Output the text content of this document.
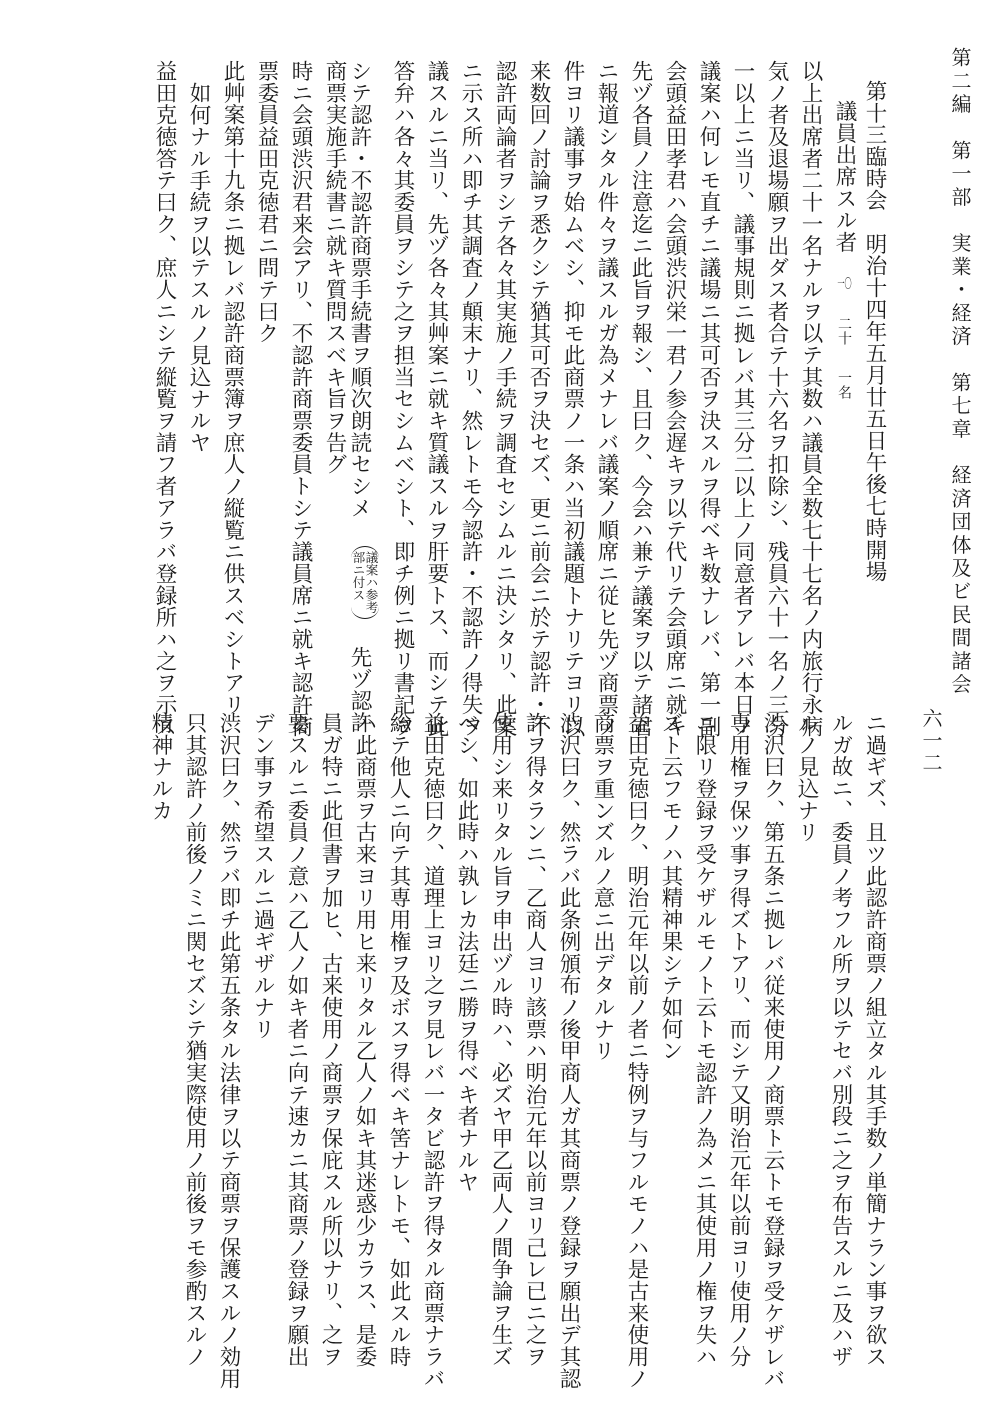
第二編　第一部　実業・経済　第七章　経済団体及ビ民間諸会
六一二
第十三臨時会　明治十四年五月廿五日午後七時開場
議員出席スル者 一〇 二十 一名
以上出席者二十一名ナルヲ以テ其数ハ議員全数七十七名ノ内旅行永病
気ノ者及退場願ヲ出ダス者合テ十六名ヲ扣除シ、残員六十一名ノ三分
一以上ニ当リ、議事規則ニ拠レバ其三分二以上ノ同意者アレバ本日ノ
議案ハ何レモ直チニ議場ニ其可否ヲ決スルヲ得ベキ数ナレバ、第一副
会頭益田孝君ハ会頭渋沢栄一君ノ参会遅キヲ以テ代リテ会頭席ニ就キ
先ヅ各員ノ注意迄ニ此旨ヲ報シ、且曰ク、今会ハ兼テ議案ヲ以テ諸君
ニ報道シタル件々ヲ議スルガ為メナレバ議案ノ順席ニ従ヒ先ヅ商票ノ
件ヨリ議事ヲ始ムベシ、抑モ此商票ノ一条ハ当初議題トナリテヨリ以
来数回ノ討論ヲ悉クシテ猶其可否ヲ決セズ、更ニ前会ニ於テ認許・不
認許両論者ヲシテ各々其実施ノ手続ヲ調査セシムルニ決シタリ、此案
ニ示ス所ハ即チ其調査ノ顛末ナリ、然レトモ今認許・不認許ノ得失ヲ
議スルニ当リ、先ヅ各々其艸案ニ就キ質議スルヲ肝要トス、而シテ此
答弁ハ各々其委員ヲシテ之ヲ担当セシムベシト、即チ例ニ拠リ書記ヲ
シテ認許・不認許商票手続書ヲ順次朗読セシメ 議案ハ参考
部ニ付ス 先ヅ認許
商票実施手続書ニ就キ質問スベキ旨ヲ告グ
時ニ会頭渋沢君来会アリ、不認許商票委員トシテ議員席ニ就キ認許商
票委員益田克徳君ニ問テ曰ク
此艸案第十九条ニ拠レバ認許商票簿ヲ庶人ノ縦覧ニ供スベシトアリ
如何ナル手続ヲ以テスルノ見込ナルヤ
益田克徳答テ曰ク、庶人ニシテ縦覧ヲ請フ者アラバ登録所ハ之ヲ示ス
ニ過ギズ、且ツ此認許商票ノ組立タル其手数ノ単簡ナラン事ヲ欲ス
ルガ故ニ、委員ノ考フル所ヲ以テセバ別段ニ之ヲ布告スルニ及ハザ
ルノ見込ナリ
渋沢曰ク、第五条ニ拠レバ従来使用ノ商票ト云トモ登録ヲ受ケザレバ
専用権ヲ保ツ事ヲ得ズトアリ、而シテ又明治元年以前ヨリ使用ノ分
ニ限リ登録ヲ受ケザルモノト云トモ認許ノ為メニ其使用ノ権ヲ失ハ
ズト云フモノハ其精神果シテ如何ン
益田克徳曰ク、明治元年以前ノ者ニ特例ヲ与フルモノハ是古来使用ノ
商票ヲ重ンズルノ意ニ出デタルナリ
渋沢曰ク、然ラバ此条例頒布ノ後甲商人ガ其商票ノ登録ヲ願出デ其認
許ヲ得タランニ、乙商人ヨリ該票ハ明治元年以前ヨリ己レ已ニ之ヲ
使用シ来リタル旨ヲ申出ヅル時ハ、必ズヤ甲乙両人ノ間争論ヲ生ズ
ベシ、如此時ハ孰レカ法廷ニ勝ヲ得ベキ者ナルヤ
益田克徳曰ク、道理上ヨリ之ヲ見レバ一タビ認許ヲ得タル商票ナラバ
総テ他人ニ向テ其専用権ヲ及ボスヲ得ベキ筈ナレトモ、如此スル時
ハ此商票ヲ古来ヨリ用ヒ来リタル乙人ノ如キ其迷惑少カラス、是委
員ガ特ニ此但書ヲ加ヒ、古来使用ノ商票ヲ保庇スル所以ナリ、之ヲ
要スルニ委員ノ意ハ乙人ノ如キ者ニ向テ速カニ其商票ノ登録ヲ願出
デン事ヲ希望スルニ過ギザルナリ
渋沢曰ク、然ラバ即チ此第五条タル法律ヲ以テ商票ヲ保護スルノ効用
只其認許ノ前後ノミニ関セズシテ猶実際使用ノ前後ヲモ参酌スルノ
精神ナルカ
